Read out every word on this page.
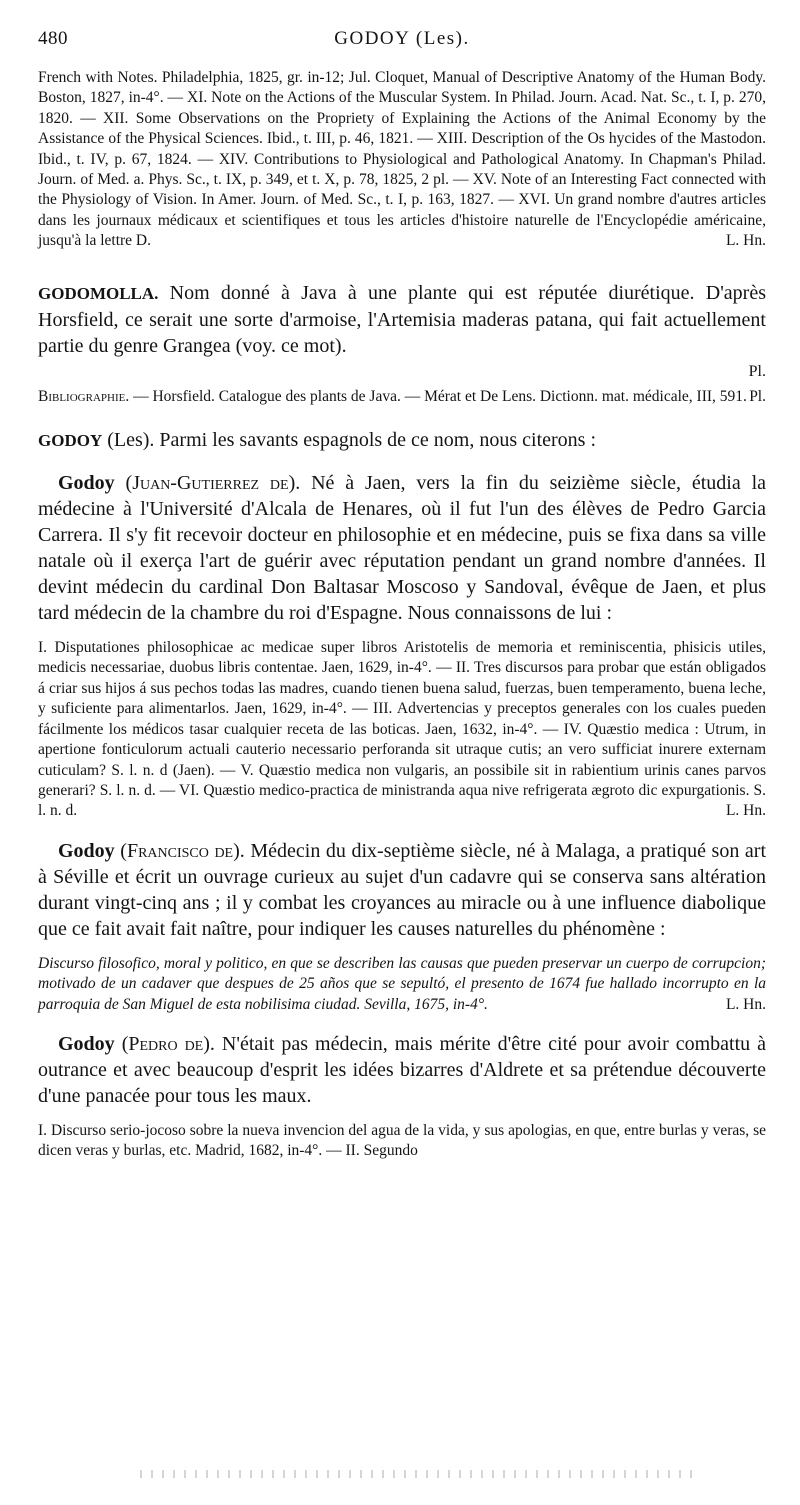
480	GODOY (Les).
French with Notes. Philadelphia, 1825, gr. in-12; Jul. Cloquet, Manual of Descriptive Anatomy of the Human Body. Boston, 1827, in-4°. — XI. Note on the Actions of the Muscular System. In Philad. Journ. Acad. Nat. Sc., t. I, p. 270, 1820. — XII. Some Observations on the Propriety of Explaining the Actions of the Animal Economy by the Assistance of the Physical Sciences. Ibid., t. III, p. 46, 1821. — XIII. Description of the Os hycides of the Mastodon. Ibid., t. IV, p. 67, 1824. — XIV. Contributions to Physiological and Pathological Anatomy. In Chapman's Philad. Journ. of Med. a. Phys. Sc., t. IX, p. 349, et t. X, p. 78, 1825, 2 pl. — XV. Note of an Interesting Fact connected with the Physiology of Vision. In Amer. Journ. of Med. Sc., t. I, p. 163, 1827. — XVI. Un grand nombre d'autres articles dans les journaux médicaux et scientifiques et tous les articles d'histoire naturelle de l'Encyclopédie américaine, jusqu'à la lettre D.	L. Hn.
GODOMOLLA. Nom donné à Java à une plante qui est réputée diurétique. D'après Horsfield, ce serait une sorte d'armoise, l'Artemisia maderas patana, qui fait actuellement partie du genre Grangea (voy. ce mot).
Pl.
Bibliographie. — Horsfield. Catalogue des plants de Java. — Mérat et De Lens. Dictionn. mat. médicale, III, 591. Pl.
GODOY (Les). Parmi les savants espagnols de ce nom, nous citerons :
Godoy (Juan-Gutierrez de). Né à Jaen, vers la fin du seizième siècle, étudia la médecine à l'Université d'Alcala de Henares, où il fut l'un des élèves de Pedro Garcia Carrera. Il s'y fit recevoir docteur en philosophie et en médecine, puis se fixa dans sa ville natale où il exerça l'art de guérir avec réputation pendant un grand nombre d'années. Il devint médecin du cardinal Don Baltasar Moscoso y Sandoval, évêque de Jaen, et plus tard médecin de la chambre du roi d'Espagne. Nous connaissons de lui :
I. Disputationes philosophicae ac medicae super libros Aristotelis de memoria et reminiscentia, phisicis utiles, medicis necessariae, duobus libris contentae. Jaen, 1629, in-4°. — II. Tres discursos para probar que están obligados á criar sus hijos á sus pechos todas las madres, cuando tienen buena salud, fuerzas, buen temperamento, buena leche, y suficiente para alimentarlos. Jaen, 1629, in-4°. — III. Advertencias y preceptos generales con los cuales pueden fácilmente los médicos tasar cualquier receta de las boticas. Jaen, 1632, in-4°. — IV. Quæstio medica : Utrum, in apertione fonticulorum actuali cauterio necessario perforanda sit utraque cutis; an vero sufficiat inurere externam cuticulam? S. l. n. d (Jaen). — V. Quæstio medica non vulgaris, an possibile sit in rabientium urinis canes parvos generari? S. l. n. d. — VI. Quæstio medico-practica de ministranda aqua nive refrigerata ægroto dic expurgationis. S. l. n. d.	L. Hn.
Godoy (Francisco de). Médecin du dix-septième siècle, né à Malaga, a pratiqué son art à Séville et écrit un ouvrage curieux au sujet d'un cadavre qui se conserva sans altération durant vingt-cinq ans ; il y combat les croyances au miracle ou à une influence diabolique que ce fait avait fait naître, pour indiquer les causes naturelles du phénomène :
Discurso filosofico, moral y politico, en que se describen las causas que pueden preservar un cuerpo de corrupcion; motivado de un cadaver que despues de 25 años que se sepultó, el presento de 1674 fue hallado incorrupto en la parroquia de San Miguel de esta nobilisima ciudad. Sevilla, 1675, in-4°.	L. Hn.
Godoy (Pedro de). N'était pas médecin, mais mérite d'être cité pour avoir combattu à outrance et avec beaucoup d'esprit les idées bizarres d'Aldrete et sa prétendue découverte d'une panacée pour tous les maux.
I. Discurso serio-jocoso sobre la nueva invencion del agua de la vida, y sus apologias, en que, entre burlas y veras, se dicen veras y burlas, etc. Madrid, 1682, in-4°. — II. Segundo
